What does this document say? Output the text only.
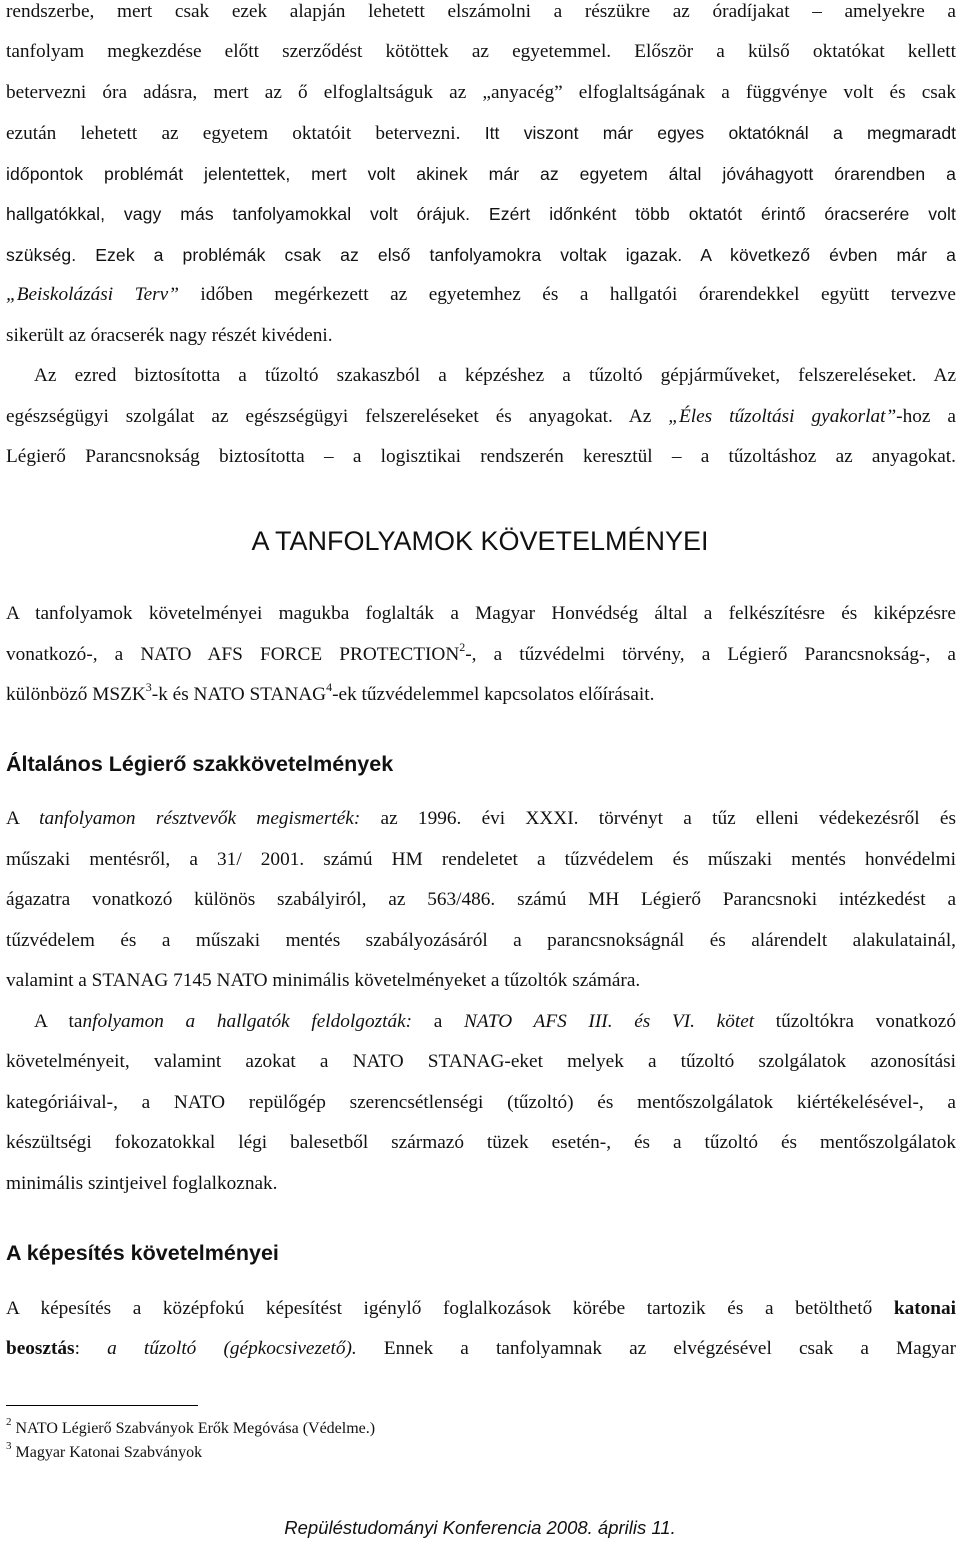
rendszerbe, mert csak ezek alapján lehetett elszámolni a részükre az óradíjakat – amelyekre a
tanfolyam megkezdése előtt szerződést kötöttek az egyetemmel. Először a külső oktatókat kellett
betervezni óra adásra, mert az ő elfoglaltságuk az „anyacég” elfoglaltságának a függvénye volt és csak
ezután lehetett az egyetem oktatóit betervezni. Itt viszont már egyes oktatóknál a megmaradt
időpontok problémát jelentettek, mert volt akinek már az egyetem által jóváhagyott órarendben a
hallgatókkal, vagy más tanfolyamokkal volt órájuk. Ezért időnként több oktatót érintő óracserére volt
szükség. Ezek a problémák csak az első tanfolyamokra voltak igazak. A következő évben már a
„Beiskolázási Terv” időben megérkezett az egyetemhez és a hallgatói órarendekkel együtt tervezve
sikerült az óracserék nagy részét kivédeni.
Az ezred biztosította a tűzoltó szakaszból a képzéshez a tűzoltó gépjárműveket, felszereléseket. Az
egészségügyi szolgálat az egészségügyi felszereléseket és anyagokat. Az „Éles tűzoltási gyakorlat”-hoz a
Légierő Parancsnokság biztosította – a logisztikai rendszerén keresztül – a tűzoltáshoz az anyagokat.
A TANFOLYAMOK KÖVETELMÉNYEI
A tanfolyamok követelményei magukba foglalták a Magyar Honvédség által a felkészítésre és kiképzésre
vonatkozó-, a NATO AFS FORCE PROTECTION$^2$-, a tűzvédelmi törvény, a Légierő Parancsnokság-, a
különböző MSZK$^3$-k és NATO STANAG$^4$-ek tűzvédelemmel kapcsolatos előírásait.
Általános Légierő szakkövetelmények
A tanfolyamon résztvevők megismerték: az 1996. évi XXXI. törvényt a tűz elleni védekezésről és
műszaki mentésről, a 31/ 2001. számú HM rendeletet a tűzvédelem és műszaki mentés honvédelmi
ágazatra vonatkozó különös szabályiról, az 563/486. számú MH Légierő Parancsnoki intézkedést a
tűzvédelem és a műszaki mentés szabályozásáról a parancsnokságnál és alárendelt alakulatainál,
valamint a STANAG 7145 NATO minimális követelményeket a tűzoltók számára.
A tanfolyamon a hallgatók feldolgozták: a NATO AFS III. és VI. kötet tűzoltókra vonatkozó
követelményeit, valamint azokat a NATO STANAG-eket melyek a tűzoltó szolgálatok azonosítási
kategóriáival-, a NATO repülőgép szerencsétlenségi (tűzoltó) és mentőszolgálatok kiértékelésével-, a
készültségi fokozatokkal légi balesetből származó tüzek esetén-, és a tűzoltó és mentőszolgálatok
minimális szintjeivel foglalkoznak.
A képesítés követelményei
A képesítés a középfokú képesítést igénylő foglalkozások körébe tartozik és a betölthető katonai
beosztás: a tűzoltó (gépkocsivezető). Ennek a tanfolyamnak az elvégzésével csak a Magyar
$^2$ NATO Légierő Szabványok Erők Megóvása (Védelme.)
$^3$ Magyar Katonai Szabványok
Repüléstudományi Konferencia 2008. április 11.
